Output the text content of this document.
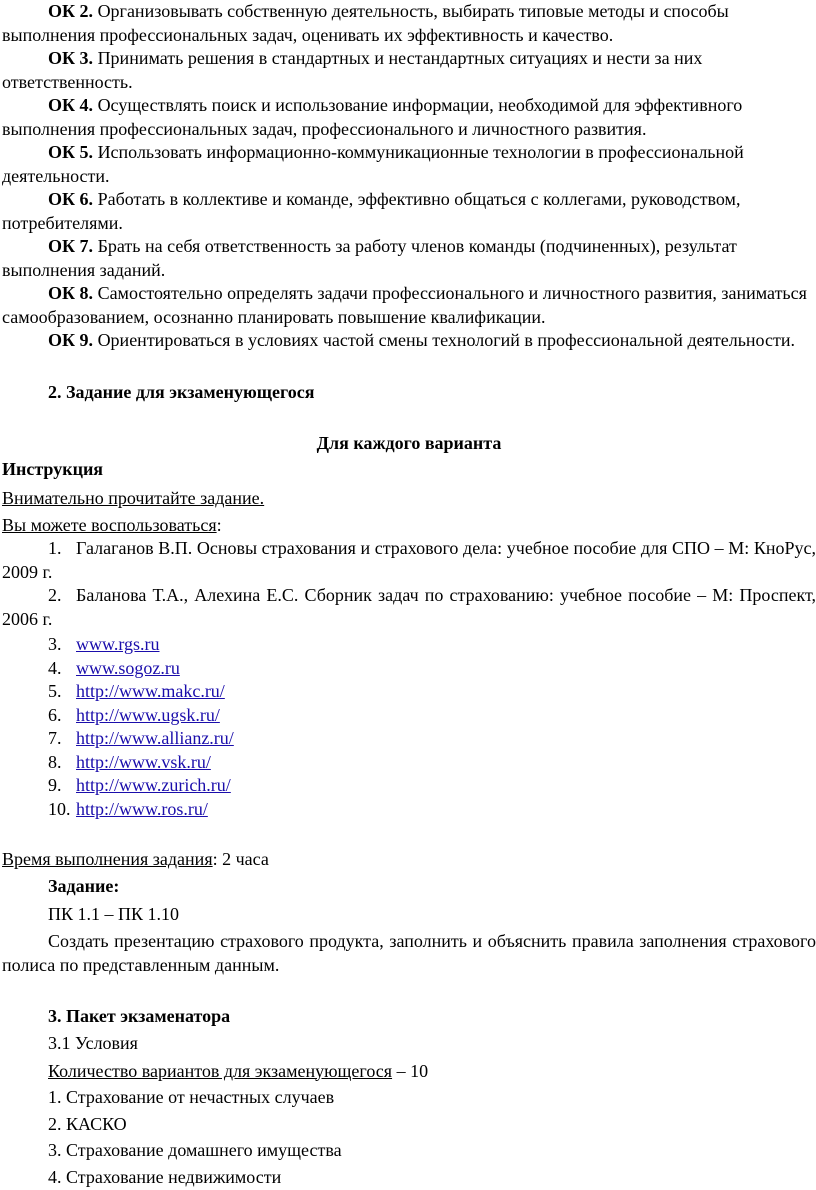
ОК 2. Организовывать собственную деятельность, выбирать типовые методы и способы выполнения профессиональных задач, оценивать их эффективность и качество.

ОК 3. Принимать решения в стандартных и нестандартных ситуациях и нести за них ответственность.

ОК 4. Осуществлять поиск и использование информации, необходимой для эффективного выполнения профессиональных задач, профессионального и личностного развития.

ОК 5. Использовать информационно-коммуникационные технологии в профессиональной деятельности.

ОК 6. Работать в коллективе и команде, эффективно общаться с коллегами, руководством, потребителями.

ОК 7. Брать на себя ответственность за работу членов команды (подчиненных), результат выполнения заданий.

ОК 8. Самостоятельно определять задачи профессионального и личностного развития, заниматься самообразованием, осознанно планировать повышение квалификации.

ОК 9. Ориентироваться в условиях частой смены технологий в профессиональной деятельности.

2. Задание для экзаменующегося

Для каждого варианта

Инструкция

Внимательно прочитайте задание.

Вы можете воспользоваться:

1. Галаганов В.П. Основы страхования и страхового дела: учебное пособие для СПО – М: КноРус, 2009 г.

2. Баланова Т.А., Алехина Е.С. Сборник задач по страхованию: учебное пособие – М: Проспект, 2006 г.

3. www.rgs.ru

4. www.sogoz.ru

5. http://www.makc.ru/

6. http://www.ugsk.ru/

7. http://www.allianz.ru/

8. http://www.vsk.ru/

9. http://www.zurich.ru/

10. http://www.ros.ru/

Время выполнения задания: 2 часа

Задание:

ПК 1.1 – ПК 1.10

Создать презентацию страхового продукта, заполнить и объяснить правила заполнения страхового полиса по представленным данным.

3. Пакет экзаменатора

3.1 Условия

Количество вариантов для экзаменующегося – 10

1. Страхование от нечастных случаев

2. КАСКО

3. Страхование домашнего имущества

4. Страхование недвижимости
